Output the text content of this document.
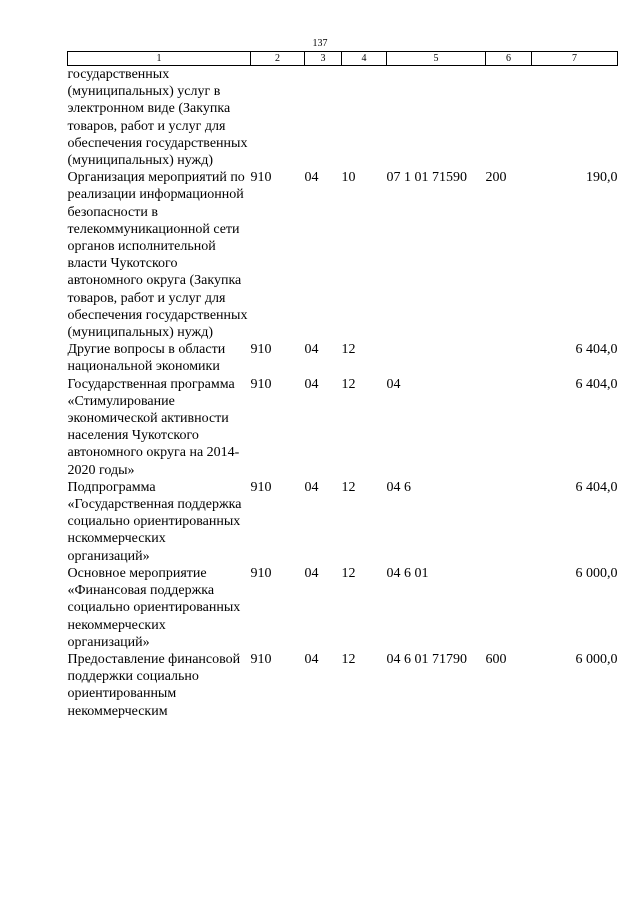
137
1	2	3	4	5	6	7
государственных (муниципальных) услуг в электронном виде (Закупка товаров, работ и услуг для обеспечения государственных (муниципальных) нужд)						
Организация мероприятий по реализации информационной безопасности в телекоммуникационной сети органов исполнительной власти Чукотского автономного округа (Закупка товаров, работ и услуг для обеспечения государственных (муниципальных) нужд)	910	04	10	07 1 01 71590	200	190,0
Другие вопросы в области национальной экономики	910	04	12			6 404,0
Государственная программа «Стимулирование экономической активности населения Чукотского автономного округа на 2014-2020 годы»	910	04	12	04		6 404,0
Подпрограмма «Государственная поддержка социально ориентированных нскоммерческих организаций»	910	04	12	04 6		6 404,0
Основное мероприятие «Финансовая поддержка социально ориентированных некоммерческих организаций»	910	04	12	04 6 01		6 000,0
Предоставление финансовой поддержки социально ориентированным некоммерческим	910	04	12	04 6 01 71790	600	6 000,0
